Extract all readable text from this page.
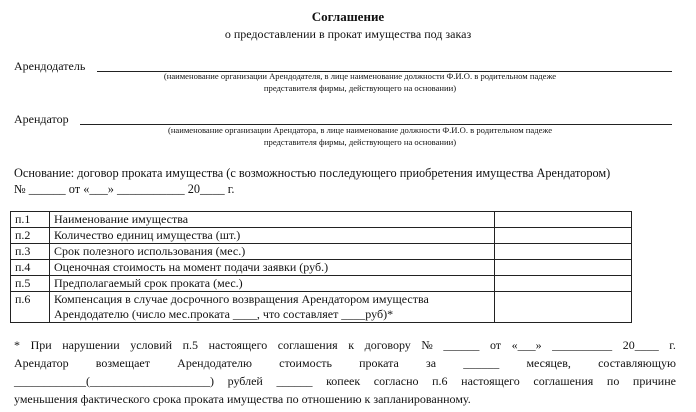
Соглашение
о предоставлении в прокат имущества под заказ
Арендодатель
(наименование организации Арендодателя, в лице наименование должности Ф.И.О. в родительном падеже
представителя фирмы, действующего на основании)
Арендатор
(наименование организации Арендатора, в лице наименование должности Ф.И.О. в родительном падеже
представителя фирмы, действующего на основании)
Основание: договор проката имущества (с возможностью последующего приобретения имущества Арендатором)
№ ______ от «___» ___________ 20____ г.
п.1	Наименование имущества	
п.2	Количество единиц имущества (шт.)	
п.3	Срок полезного использования (мес.)	
п.4	Оценочная стоимость на момент подачи заявки (руб.)	
п.5	Предполагаемый срок проката (мес.)	
п.6	Компенсация в случае досрочного возвращения Арендатором имущества
Арендодателю (число мес.проката ____, что составляет ____руб)*	

* При нарушении условий п.5 настоящего соглашения к договору № ______ от «___» __________ 20____ г.
Арендатор возмещает Арендодателю стоимость проката за ______ месяцев, составляющую
____________(____________________) рублей ______ копеек согласно п.6 настоящего соглашения по причине
уменьшения фактического срока проката имущества по отношению к запланированному.
